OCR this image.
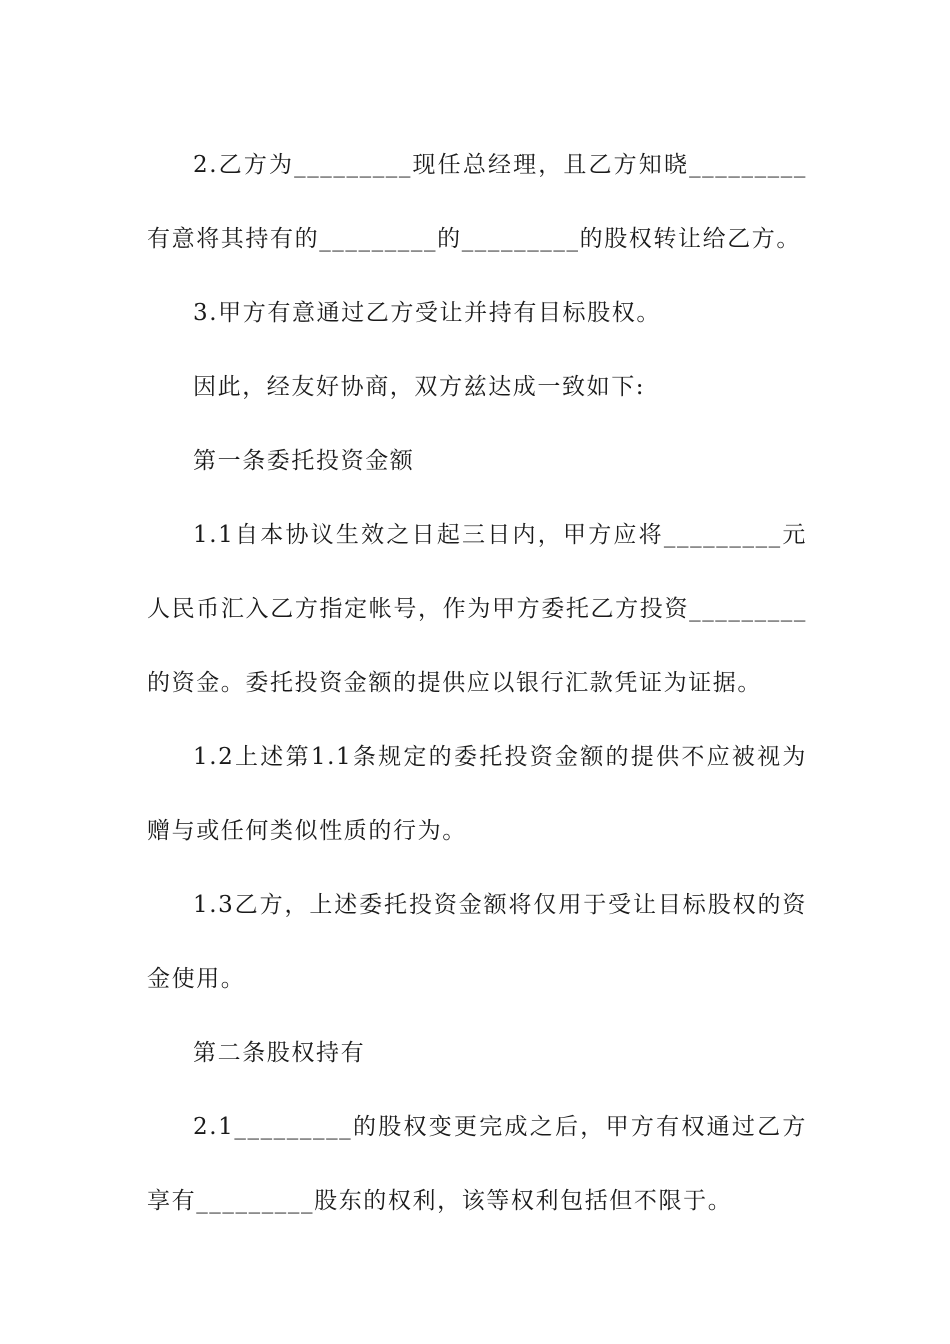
2.乙方为_________现任总经理，且乙方知晓_________有意将其持有的_________的_________的股权转让给乙方。

3.甲方有意通过乙方受让并持有目标股权。

因此，经友好协商，双方兹达成一致如下:

第一条委托投资金额

1.1自本协议生效之日起三日内，甲方应将_________元人民币汇入乙方指定帐号，作为甲方委托乙方投资_________的资金。委托投资金额的提供应以银行汇款凭证为证据。

1.2上述第1.1条规定的委托投资金额的提供不应被视为赠与或任何类似性质的行为。

1.3乙方，上述委托投资金额将仅用于受让目标股权的资金使用。

第二条股权持有

2.1_________的股权变更完成之后，甲方有权通过乙方享有_________股东的权利，该等权利包括但不限于。
